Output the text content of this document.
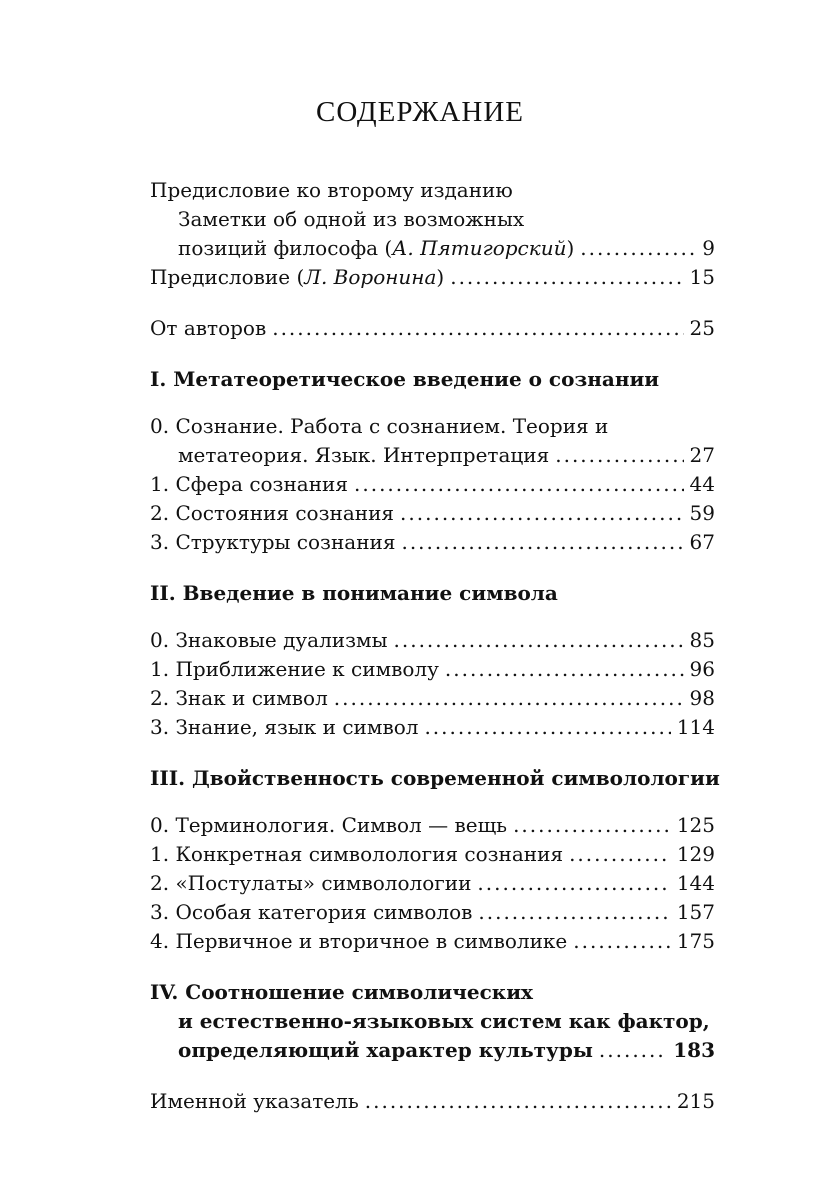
СОДЕРЖАНИЕ
Предисловие ко второму изданию
Заметки об одной из возможных
позиций философа (А. Пятигорский) .....	9
Предисловие (Л. Воронина) .....	15
От авторов .....	25
I. Метатеоретическое введение о сознании
0. Сознание. Работа с сознанием. Теория и
метатеория. Язык. Интерпретация .....	27
1. Сфера сознания .....	44
2. Состояния сознания .....	59
3. Структуры сознания .....	67
II. Введение в понимание символа
0. Знаковые дуализмы .....	85
1. Приближение к символу .....	96
2. Знак и символ .....	98
3. Знание, язык и символ .....	114
III. Двойственность современной символологии
0. Терминология. Символ — вещь .....	125
1. Конкретная символология сознания .....	129
2. «Постулаты» символологии .....	144
3. Особая категория символов .....	157
4. Первичное и вторичное в символике .....	175
IV. Соотношение символических
и естественно-языковых систем как фактор,
определяющий характер культуры .....	183
Именной указатель .....	215
